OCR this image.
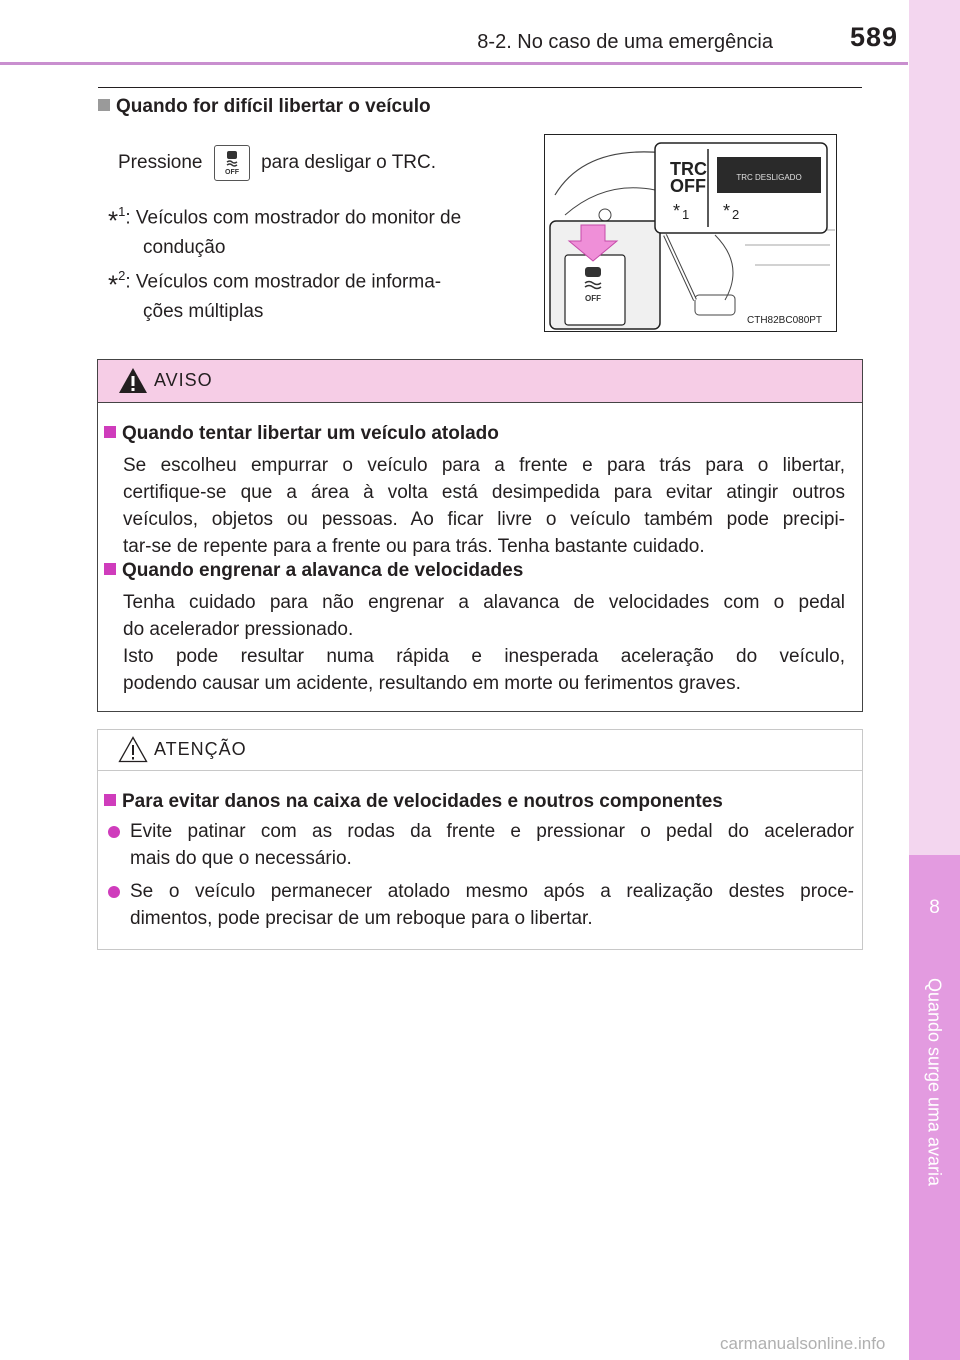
8-2. No caso de uma emergência	589
8
Quando surge uma avaria
Quando for difícil libertar o veículo
Pressione	OFF para desligar o TRC.
*$^1$: Veículos com mostrador do monitor de
condução
*$^2$: Veículos com mostrador de informa-
ções múltiplas
OFF
TRC
OFF	TRC DESLIGADO
* 1 * 2
CTH82BC080PT
AVISO
Quando tentar libertar um veículo atolado
Se escolheu empurrar o veículo para a frente e para trás para o libertar,
certifique-se que a área à volta está desimpedida para evitar atingir outros
veículos, objetos ou pessoas. Ao ficar livre o veículo também pode precipi-
tar-se de repente para a frente ou para trás. Tenha bastante cuidado.
Quando engrenar a alavanca de velocidades
Tenha cuidado para não engrenar a alavanca de velocidades com o pedal
do acelerador pressionado.
Isto pode resultar numa rápida e inesperada aceleração do veículo,
podendo causar um acidente, resultando em morte ou ferimentos graves.
ATENÇÃO
Para evitar danos na caixa de velocidades e noutros componentes
Evite patinar com as rodas da frente e pressionar o pedal do acelerador
mais do que o necessário.
Se o veículo permanecer atolado mesmo após a realização destes proce-
dimentos, pode precisar de um reboque para o libertar.
carmanualsonline.info
